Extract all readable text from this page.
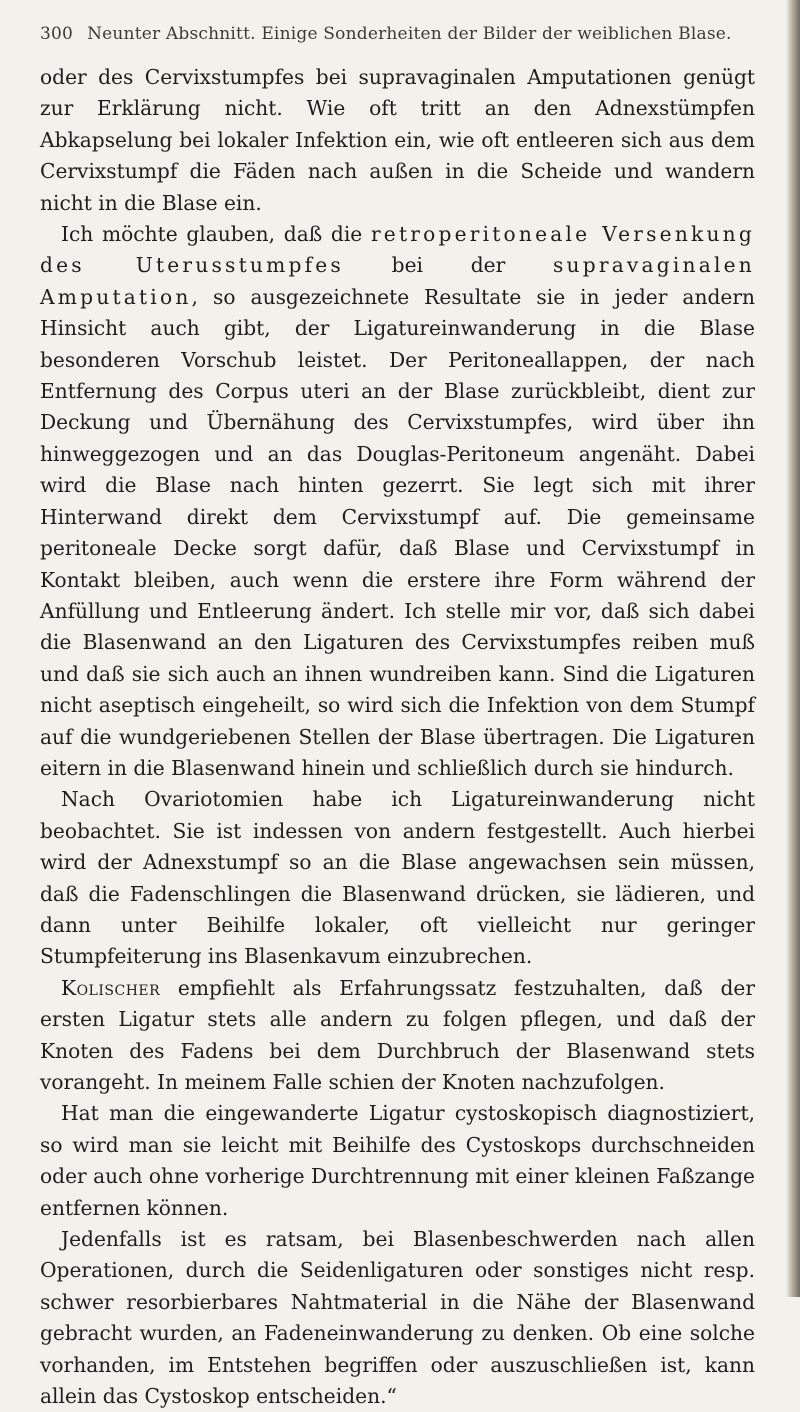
300 Neunter Abschnitt. Einige Sonderheiten der Bilder der weiblichen Blase.

oder des Cervixstumpfes bei supravaginalen Amputationen genügt zur Erklärung nicht. Wie oft tritt an den Adnexstümpfen Abkapselung bei lokaler Infektion ein, wie oft entleeren sich aus dem Cervixstumpf die Fäden nach außen in die Scheide und wandern nicht in die Blase ein.

Ich möchte glauben, daß die retroperitoneale Versenkung des Uterusstumpfes bei der supravaginalen Amputation, so ausgezeichnete Resultate sie in jeder andern Hinsicht auch gibt, der Ligatureinwanderung in die Blase besonderen Vorschub leistet. Der Peritoneallappen, der nach Entfernung des Corpus uteri an der Blase zurückbleibt, dient zur Deckung und Übernähung des Cervixstumpfes, wird über ihn hinweggezogen und an das Douglas-Peritoneum angenäht. Dabei wird die Blase nach hinten gezerrt. Sie legt sich mit ihrer Hinterwand direkt dem Cervixstumpf auf. Die gemeinsame peritoneale Decke sorgt dafür, daß Blase und Cervixstumpf in Kontakt bleiben, auch wenn die erstere ihre Form während der Anfüllung und Entleerung ändert. Ich stelle mir vor, daß sich dabei die Blasenwand an den Ligaturen des Cervixstumpfes reiben muß und daß sie sich auch an ihnen wundreiben kann. Sind die Ligaturen nicht aseptisch eingeheilt, so wird sich die Infektion von dem Stumpf auf die wundgeriebenen Stellen der Blase übertragen. Die Ligaturen eitern in die Blasenwand hinein und schließlich durch sie hindurch.

Nach Ovariotomien habe ich Ligatureinwanderung nicht beobachtet. Sie ist indessen von andern festgestellt. Auch hierbei wird der Adnexstumpf so an die Blase angewachsen sein müssen, daß die Fadenschlingen die Blasenwand drücken, sie lädieren, und dann unter Beihilfe lokaler, oft vielleicht nur geringer Stumpfeiterung ins Blasenkavum einzubrechen.

Kolischer empfiehlt als Erfahrungssatz festzuhalten, daß der ersten Ligatur stets alle andern zu folgen pflegen, und daß der Knoten des Fadens bei dem Durchbruch der Blasenwand stets vorangeht. In meinem Falle schien der Knoten nachzufolgen.

Hat man die eingewanderte Ligatur cystoskopisch diagnostiziert, so wird man sie leicht mit Beihilfe des Cystoskops durchschneiden oder auch ohne vorherige Durchtrennung mit einer kleinen Faßzange entfernen können.

Jedenfalls ist es ratsam, bei Blasenbeschwerden nach allen Operationen, durch die Seidenligaturen oder sonstiges nicht resp. schwer resorbierbares Nahtmaterial in die Nähe der Blasenwand gebracht wurden, an Fadeneinwanderung zu denken. Ob eine solche vorhanden, im Entstehen begriffen oder auszuschließen ist, kann allein das Cystoskop entscheiden.“
